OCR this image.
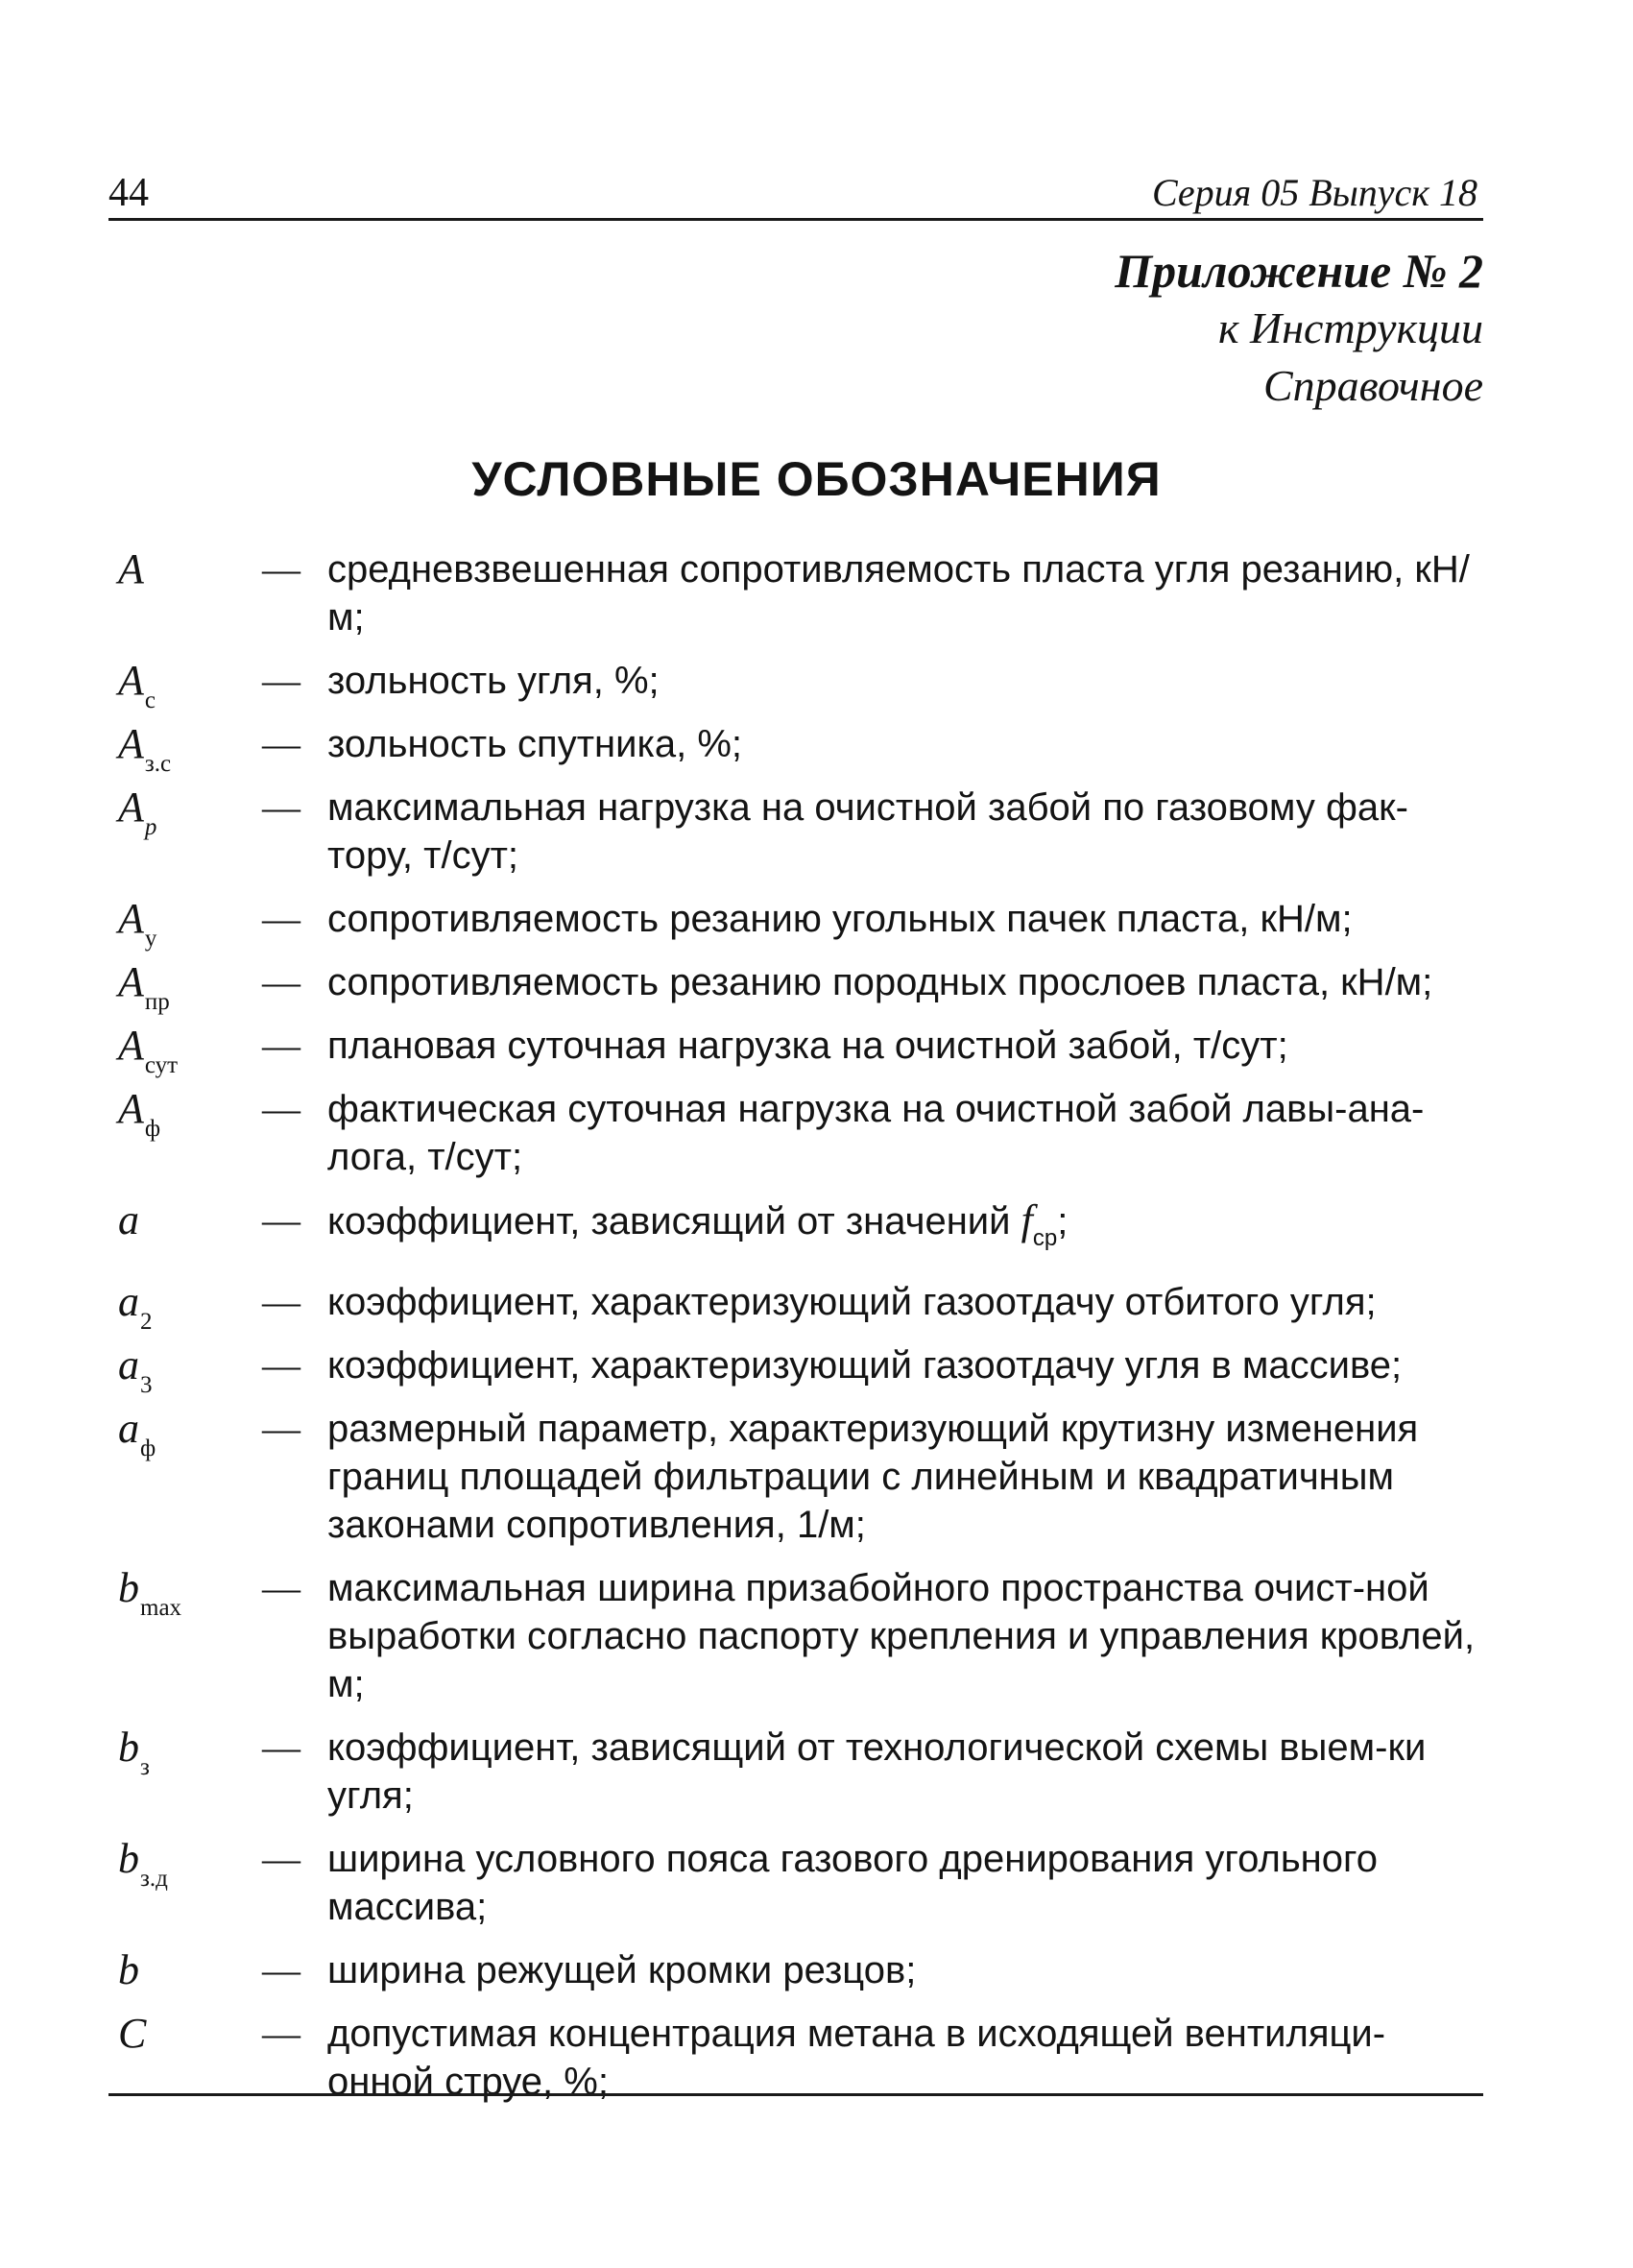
44	Серия 05 Выпуск 18
Приложение № 2
к Инструкции
Справочное
УСЛОВНЫЕ ОБОЗНАЧЕНИЯ
A	— средневзвешенная сопротивляемость пласта угля резанию, кН/м;
$A_с$	— зольность угля, %;
$A_{з.с}$ — зольность спутника, %;
$A_p$	— максимальная нагрузка на очистной забой по газовому фак-тору, т/сут;
$A_у$	— сопротивляемость резанию угольных пачек пласта, кН/м;
$A_{пр}$ — сопротивляемость резанию породных прослоев пласта, кН/м;
$A_{сут}$ — плановая суточная нагрузка на очистной забой, т/сут;
$A_ф$	— фактическая суточная нагрузка на очистной забой лавы-ана-лога, т/сут;
a	— коэффициент, зависящий от значений $f_{ср}$;
$a_2$	— коэффициент, характеризующий газоотдачу отбитого угля;
$a_3$	— коэффициент, характеризующий газоотдачу угля в массиве;
$a_ф$	— размерный параметр, характеризующий крутизну изменения границ площадей фильтрации с линейным и квадратичным законами сопротивления, 1/м;
$b_{max}$ — максимальная ширина призабойного пространства очист-ной выработки согласно паспорту крепления и управления кровлей, м;
$b_з$	— коэффициент, зависящий от технологической схемы выем-ки угля;
$b_{з.д}$ — ширина условного пояса газового дренирования угольного массива;
b	— ширина режущей кромки резцов;
C	— допустимая концентрация метана в исходящей вентиляци-онной струе, %;
